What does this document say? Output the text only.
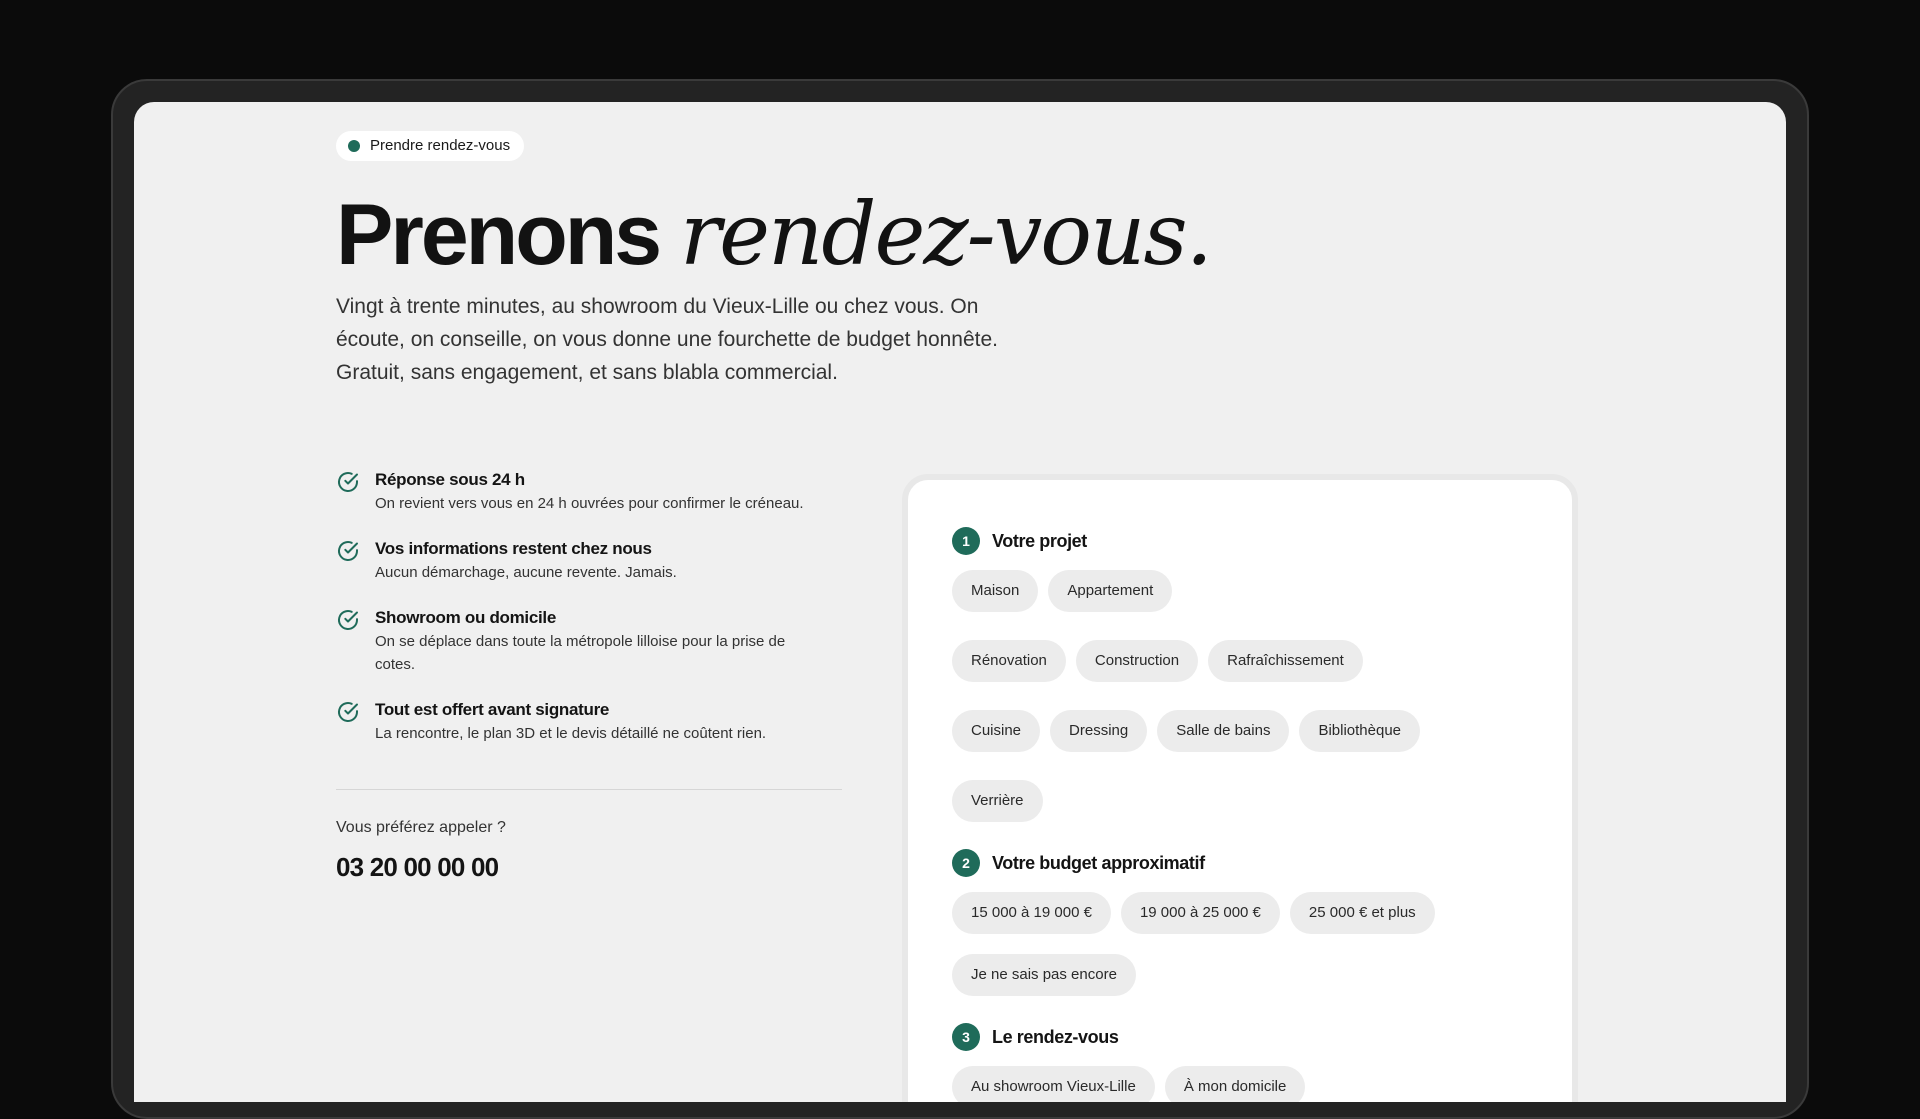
Prendre rendez-vous
Prenons rendez-vous.

Vingt à trente minutes, au showroom du Vieux-Lille ou chez vous. On
écoute, on conseille, on vous donne une fourchette de budget honnête.
Gratuit, sans engagement, et sans blabla commercial.

Réponse sous 24 h
On revient vers vous en 24 h ouvrées pour confirmer le créneau.
Vos informations restent chez nous
Aucun démarchage, aucune revente. Jamais.
Showroom ou domicile
On se déplace dans toute la métropole lilloise pour la prise de
cotes.
Tout est offert avant signature
La rencontre, le plan 3D et le devis détaillé ne coûtent rien.
Vous préférez appeler ?
03 20 00 00 00
1	Votre projet
Maison	Appartement
Rénovation	Construction	Rafraîchissement
Cuisine	Dressing	Salle de bains	Bibliothèque
Verrière
2	Votre budget approximatif
15 000 à 19 000 €	19 000 à 25 000 €	25 000 € et plus
Je ne sais pas encore
3	Le rendez-vous
Au showroom Vieux-Lille	À mon domicile
